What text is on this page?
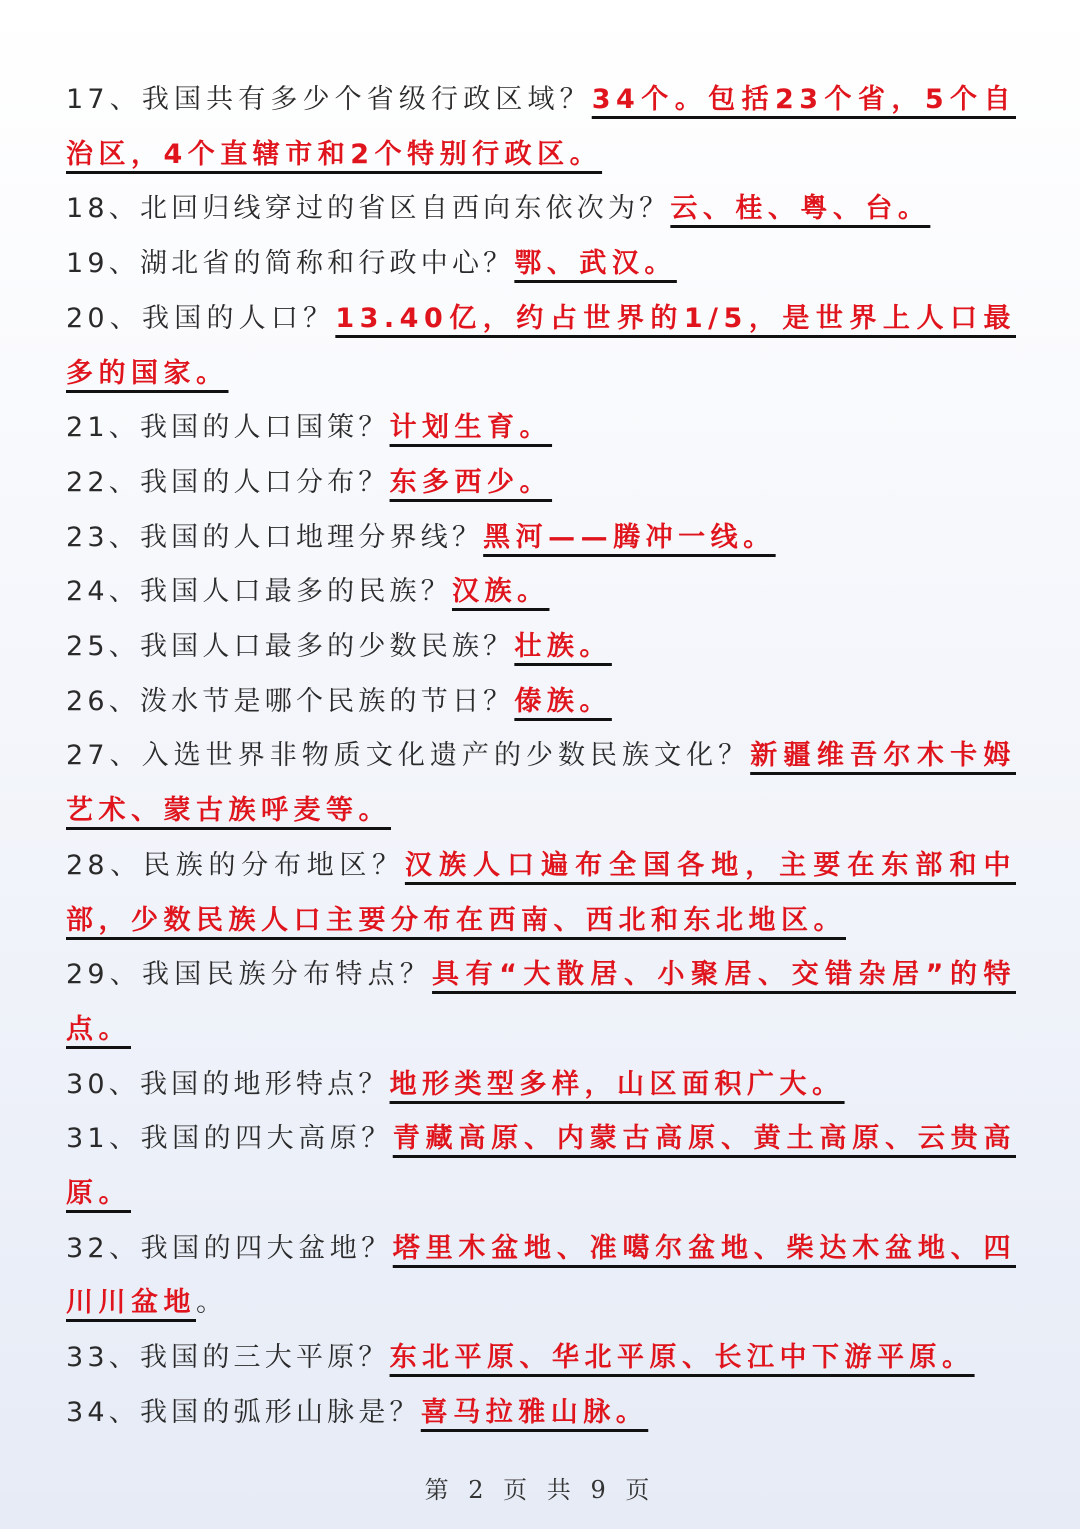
17、我国共有多少个省级行政区域？34个。包括23个省，5个自治区，4个直辖市和2个特别行政区。
18、北回归线穿过的省区自西向东依次为？云、桂、粤、台。
19、湖北省的简称和行政中心？鄂、武汉。
20、我国的人口？13.40亿，约占世界的1/5，是世界上人口最多的国家。
21、我国的人口国策？计划生育。
22、我国的人口分布？东多西少。
23、我国的人口地理分界线？黑河——腾冲一线。
24、我国人口最多的民族？汉族。
25、我国人口最多的少数民族？壮族。
26、泼水节是哪个民族的节日？傣族。
27、入选世界非物质文化遗产的少数民族文化？新疆维吾尔木卡姆艺术、蒙古族呼麦等。
28、民族的分布地区？汉族人口遍布全国各地，主要在东部和中部，少数民族人口主要分布在西南、西北和东北地区。
29、我国民族分布特点？具有“大散居、小聚居、交错杂居”的特点。
30、我国的地形特点？地形类型多样，山区面积广大。
31、我国的四大高原？青藏高原、内蒙古高原、黄土高原、云贵高原。
32、我国的四大盆地？塔里木盆地、准噶尔盆地、柴达木盆地、四川川盆地。
33、我国的三大平原？东北平原、华北平原、长江中下游平原。
34、我国的弧形山脉是？喜马拉雅山脉。
第 2 页 共 9 页
